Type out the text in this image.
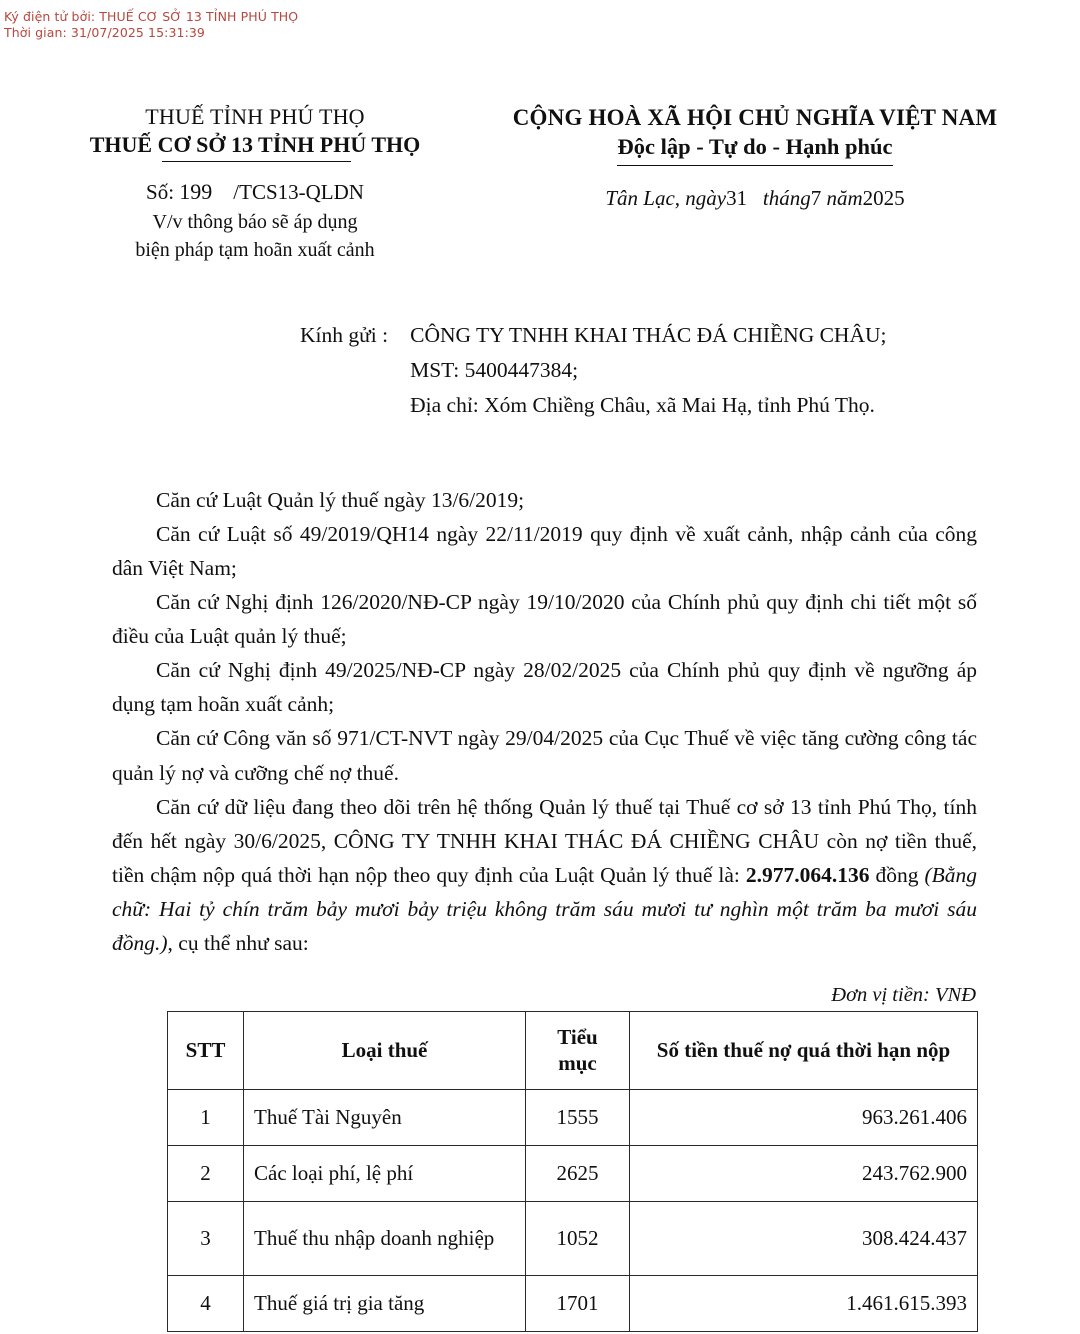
Ký điện tử bởi: THUẾ CƠ SỞ 13 TỈNH PHÚ THỌ
Thời gian: 31/07/2025 15:31:39
THUẾ TỈNH PHÚ THỌ
THUẾ CƠ SỞ 13 TỈNH PHÚ THỌ
Số: 199 /TCS13-QLDN
V/v thông báo sẽ áp dụng
biện pháp tạm hoãn xuất cảnh
CỘNG HOÀ XÃ HỘI CHỦ NGHĨA VIỆT NAM
Độc lập - Tự do - Hạnh phúc
Tân Lạc, ngày31 tháng7 năm2025
Kính gửi :	CÔNG TY TNHH KHAI THÁC ĐÁ CHIỀNG CHÂU;
MST: 5400447384;
Địa chỉ: Xóm Chiềng Châu, xã Mai Hạ, tỉnh Phú Thọ.

Căn cứ Luật Quản lý thuế ngày 13/6/2019;

Căn cứ Luật số 49/2019/QH14 ngày 22/11/2019 quy định về xuất cảnh, nhập cảnh của công dân Việt Nam;

Căn cứ Nghị định 126/2020/NĐ-CP ngày 19/10/2020 của Chính phủ quy định chi tiết một số điều của Luật quản lý thuế;

Căn cứ Nghị định 49/2025/NĐ-CP ngày 28/02/2025 của Chính phủ quy định về ngưỡng áp dụng tạm hoãn xuất cảnh;

Căn cứ Công văn số 971/CT-NVT ngày 29/04/2025 của Cục Thuế về việc tăng cường công tác quản lý nợ và cưỡng chế nợ thuế.

Căn cứ dữ liệu đang theo dõi trên hệ thống Quản lý thuế tại Thuế cơ sở 13 tỉnh Phú Thọ, tính đến hết ngày 30/6/2025, CÔNG TY TNHH KHAI THÁC ĐÁ CHIỀNG CHÂU còn nợ tiền thuế, tiền chậm nộp quá thời hạn nộp theo quy định của Luật Quản lý thuế là: 2.977.064.136 đồng (Bằng chữ: Hai tỷ chín trăm bảy mươi bảy triệu không trăm sáu mươi tư nghìn một trăm ba mươi sáu đồng.), cụ thể như sau:

Đơn vị tiền: VNĐ
STT	Loại thuế	Tiểu mục	Số tiền thuế nợ quá thời hạn nộp
1	Thuế Tài Nguyên	1555	963.261.406
2	Các loại phí, lệ phí	2625	243.762.900
3	Thuế thu nhập doanh nghiệp	1052	308.424.437
4	Thuế giá trị gia tăng	1701	1.461.615.393
